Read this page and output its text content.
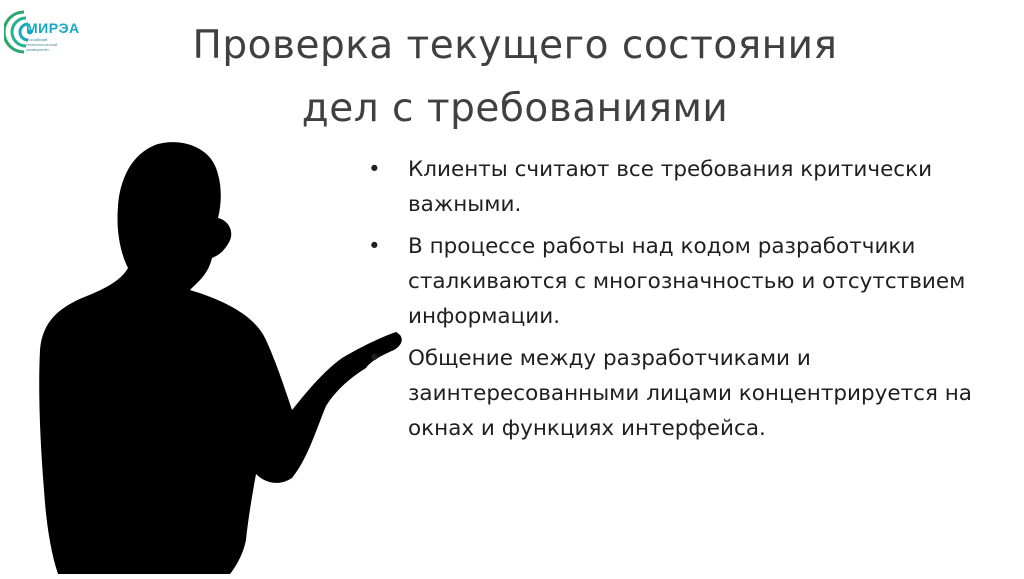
МИРЭА
Российский технологический университет	Проверка текущего состояния
дел с требованиями
• Клиенты считают все требования критически важными.
• В процессе работы над кодом разработчики сталкиваются с многозначностью и отсутствием информации.
• Общение между разработчиками и заинтересованными лицами концентрируется на окнах и функциях интерфейса.
